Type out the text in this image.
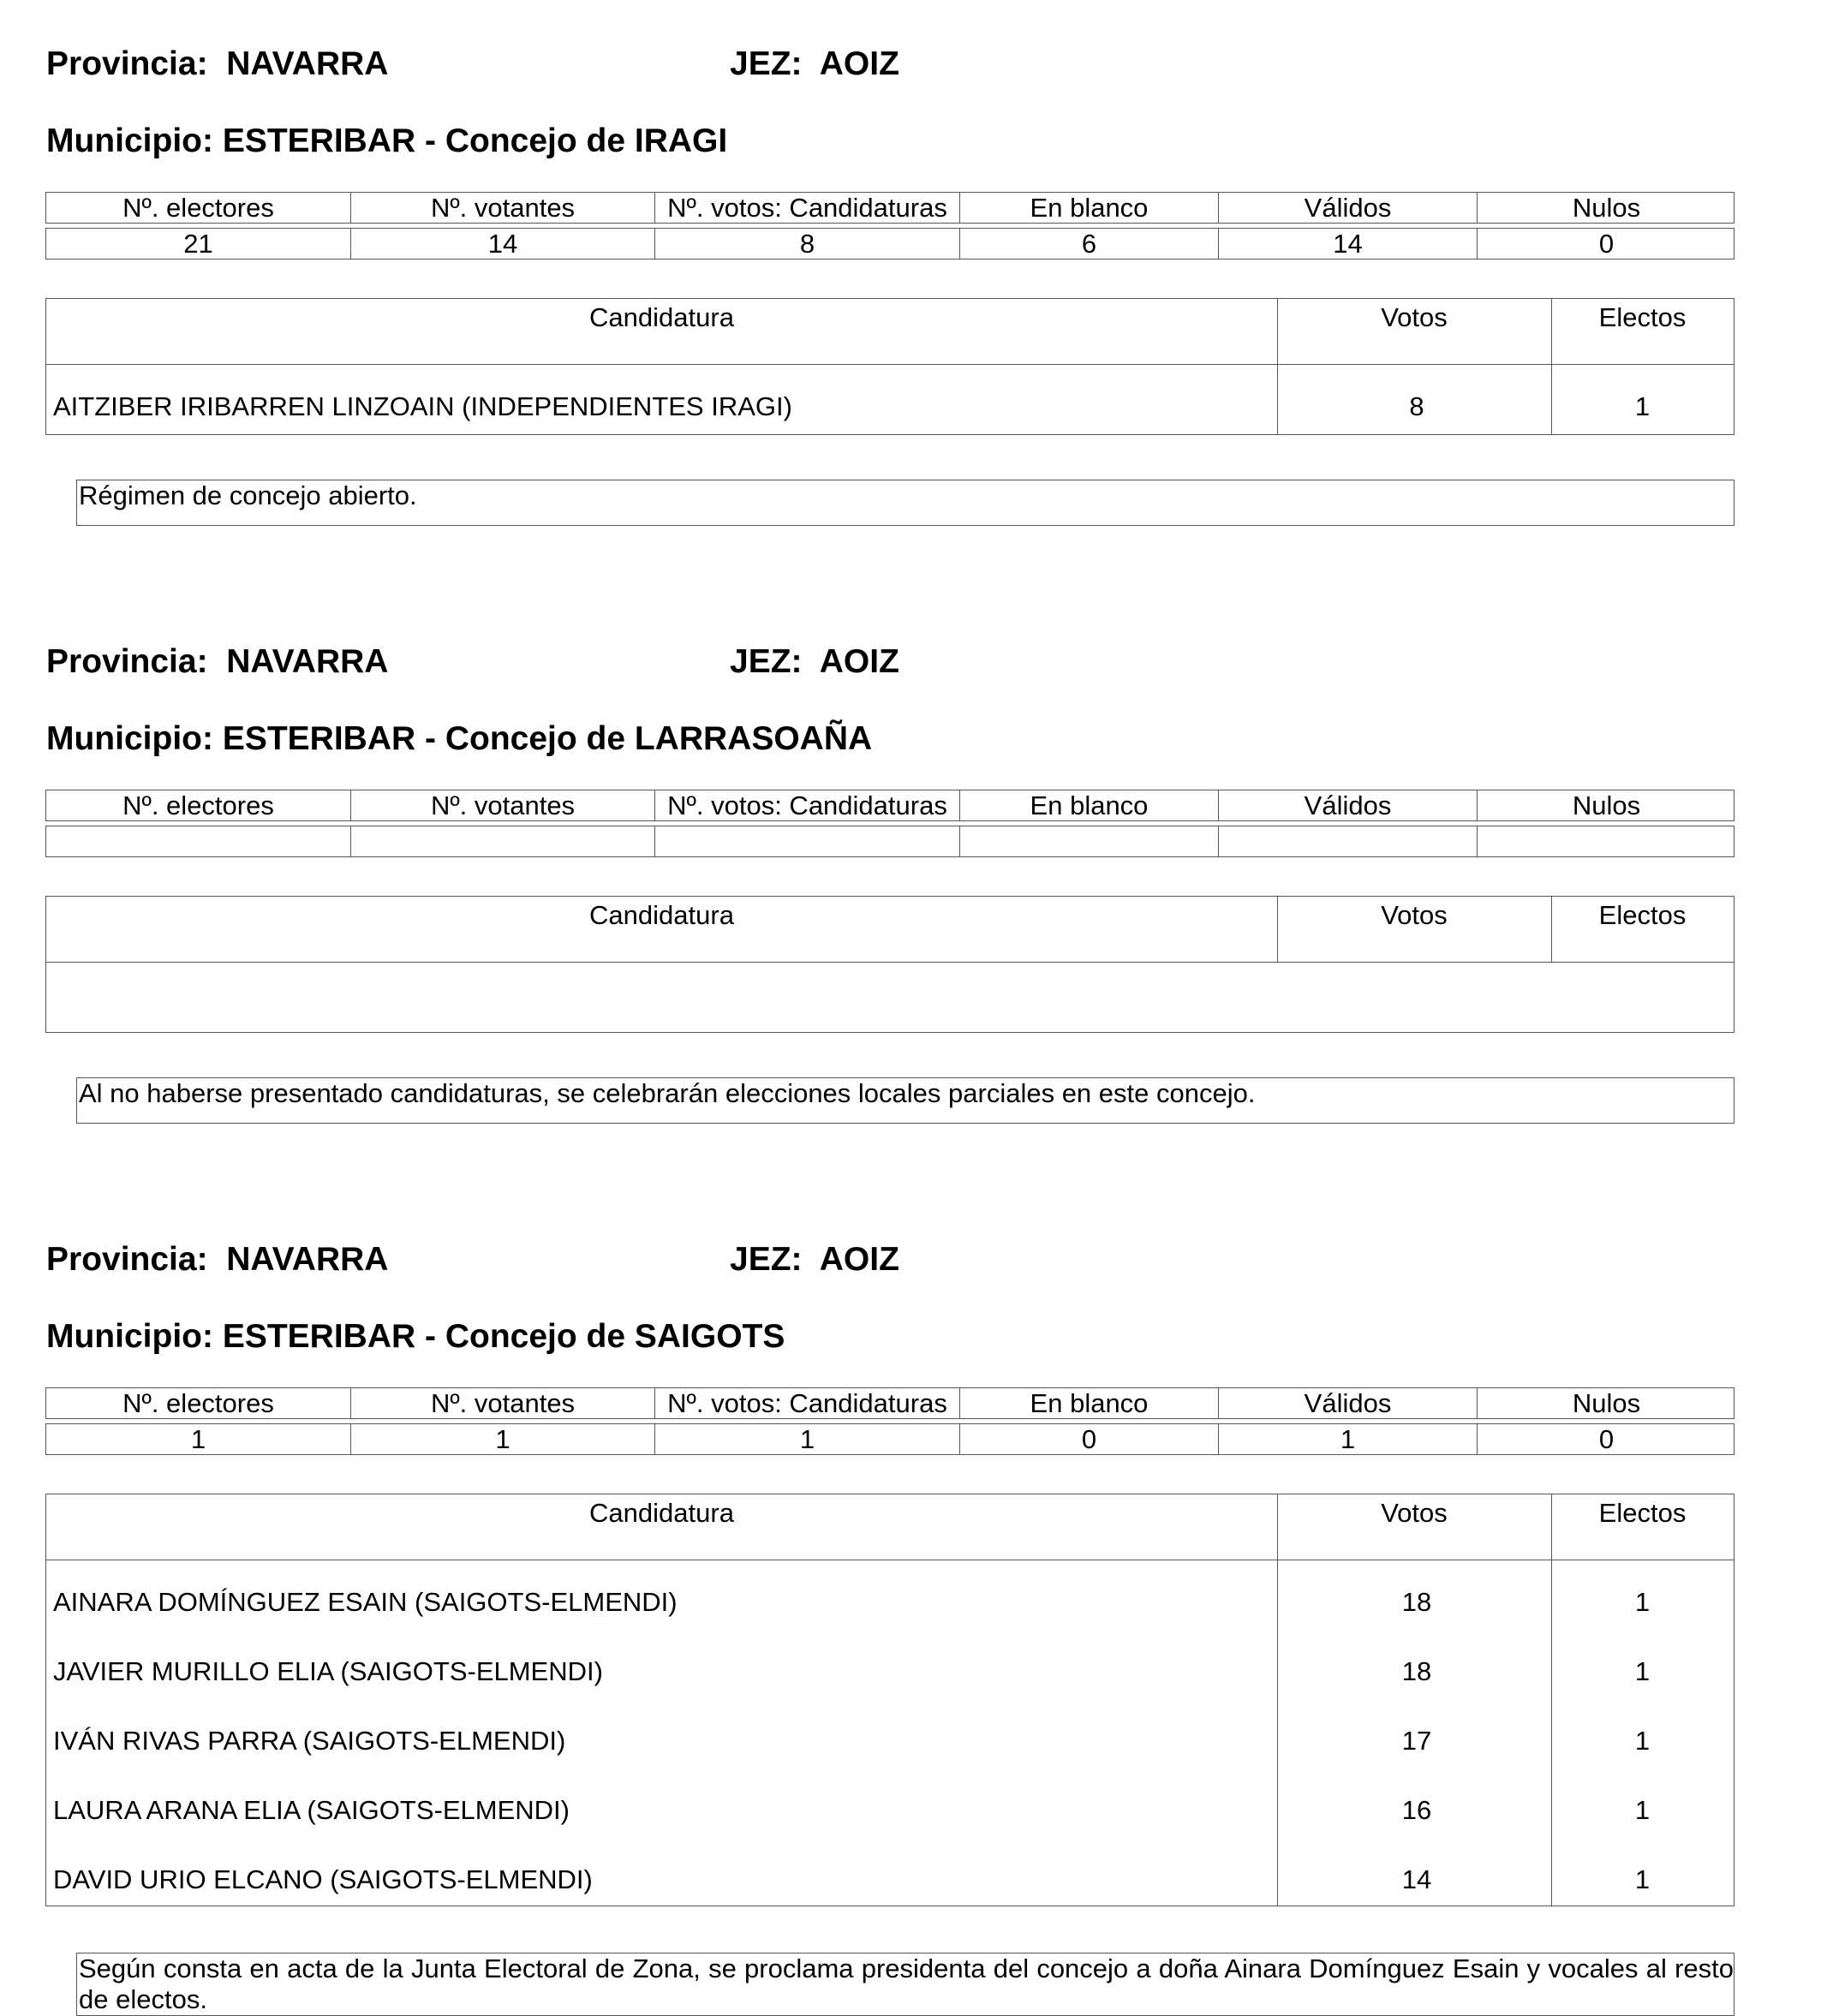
Provincia: NAVARRA	JEZ: AOIZ
Municipio: ESTERIBAR - Concejo de IRAGI
Nº. electores	Nº. votantes	Nº. votos: Candidaturas	En blanco	Válidos	Nulos
21	14	8	6	14	0
Candidatura	Votos	Electos
AITZIBER IRIBARREN LINZOAIN (INDEPENDIENTES IRAGI)	8	1
Régimen de concejo abierto.
Provincia: NAVARRA	JEZ: AOIZ
Municipio: ESTERIBAR - Concejo de LARRASOAÑA
Nº. electores	Nº. votantes	Nº. votos: Candidaturas	En blanco	Válidos	Nulos
Candidatura	Votos	Electos
Al no haberse presentado candidaturas, se celebrarán elecciones locales parciales en este concejo.
Provincia: NAVARRA	JEZ: AOIZ
Municipio: ESTERIBAR - Concejo de SAIGOTS
Nº. electores	Nº. votantes	Nº. votos: Candidaturas	En blanco	Válidos	Nulos
1	1	1	0	1	0
Candidatura	Votos	Electos
AINARA DOMÍNGUEZ ESAIN (SAIGOTS-ELMENDI)	18	1
JAVIER MURILLO ELIA (SAIGOTS-ELMENDI)	18	1
IVÁN RIVAS PARRA (SAIGOTS-ELMENDI)	17	1
LAURA ARANA ELIA (SAIGOTS-ELMENDI)	16	1
DAVID URIO ELCANO (SAIGOTS-ELMENDI)	14	1
Según consta en acta de la Junta Electoral de Zona, se proclama presidenta del concejo a doña Ainara Domínguez Esain y vocales al resto de electos.
